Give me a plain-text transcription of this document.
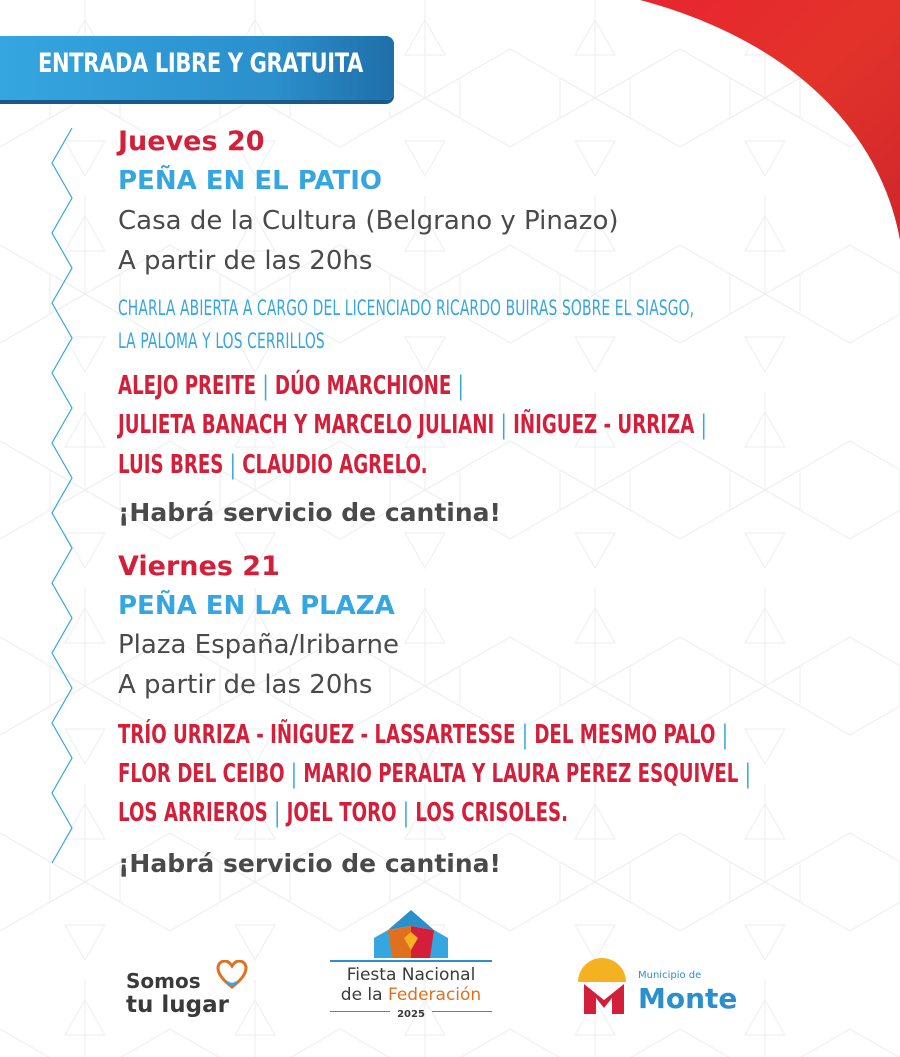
ENTRADA LIBRE Y GRATUITA
Jueves 20
PEÑA EN EL PATIO
Casa de la Cultura (Belgrano y Pinazo)
A partir de las 20hs
CHARLA ABIERTA A CARGO DEL LICENCIADO RICARDO BUIRAS SOBRE EL SIASGO,
LA PALOMA Y LOS CERRILLOS
ALEJO PREITE | DÚO MARCHIONE |
JULIETA BANACH Y MARCELO JULIANI | IÑIGUEZ - URRIZA |
LUIS BRES | CLAUDIO AGRELO.
¡Habrá servicio de cantina!
Viernes 21
PEÑA EN LA PLAZA
Plaza España/Iribarne
A partir de las 20hs
TRÍO URRIZA - IÑIGUEZ - LASSARTESSE | DEL MESMO PALO |
FLOR DEL CEIBO | MARIO PERALTA Y LAURA PEREZ ESQUIVEL |
LOS ARRIEROS | JOEL TORO | LOS CRISOLES.
¡Habrá servicio de cantina!
Somos
tu lugar
Fiesta Nacional
de la Federación
2025
Municipio de
Monte
